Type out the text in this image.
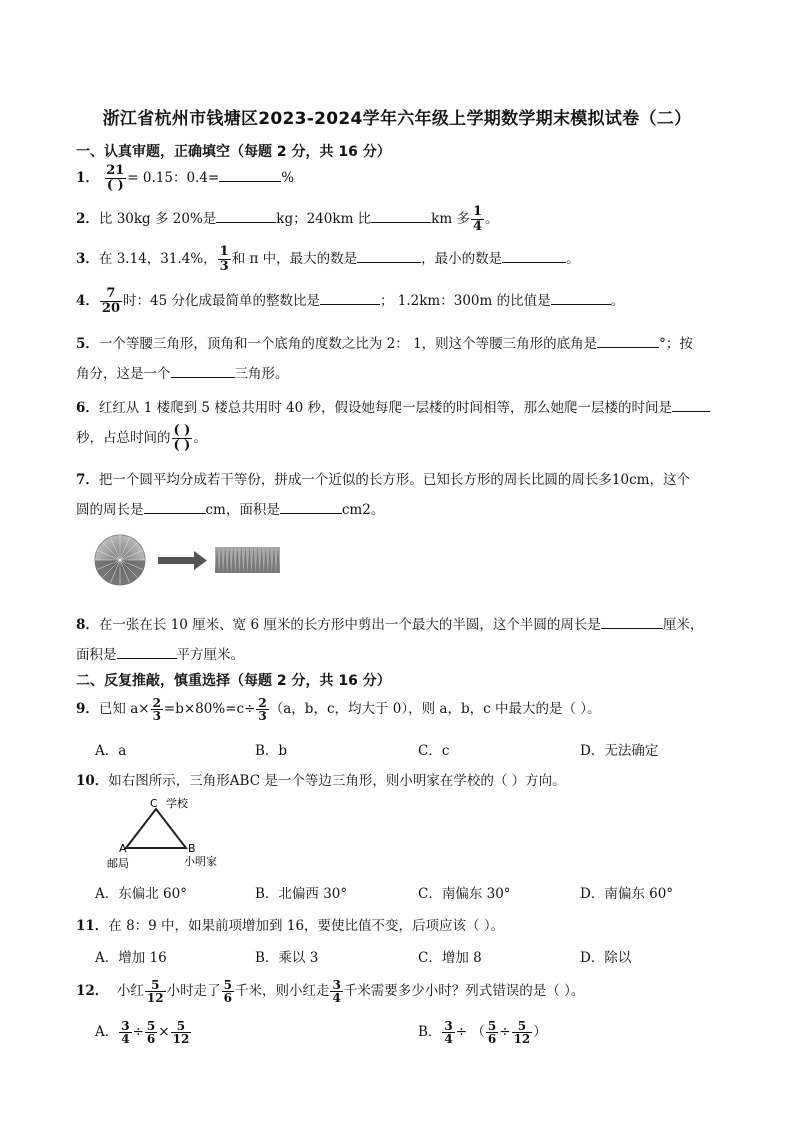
浙江省杭州市钱塘区2023-2024学年六年级上学期数学期末模拟试卷（二）
一、认真审题，正确填空（每题 2 分，共 16 分）
1． $\frac{21}{( )} = 0.15$：0.4=	%
2．比 30kg 多 20%是	kg；240km 比	km 多 $\frac{1}{4}$ 。
3．在 3.14，31.4%， $\frac{1}{3}$ 和 π 中，最大的数是	，最小的数是	。
4． $\frac{7}{20}$ 时：45 分化成最简单的整数比是	； 1.2km：300m 的比值是	。
5．一个等腰三角形，顶角和一个底角的度数之比为 2： 1，则这个等腰三角形的底角是	°；按
角分，这是一个	三角形。
6．红红从 1 楼爬到 5 楼总共用时 40 秒，假设她每爬一层楼的时间相等，那么她爬一层楼的时间是
秒，占总时间的 $\frac{( )}{( )}$ 。
7．把一个圆平均分成若干等份，拼成一个近似的长方形。已知长方形的周长比圆的周长多10cm，这个
圆的周长是	cm，面积是	cm2。
8．在一张在长 10 厘米、宽 6 厘米的长方形中剪出一个最大的半圆，这个半圆的周长是	厘米，
面积是	平方厘米。
二、反复推敲，慎重选择（每题 2 分，共 16 分）
9．已知 $a\times \frac{2}{3} =b\times 80\%=c\div \frac{2}{3} (a$，b，c，均大于 0），则 a，b，c 中最大的是（ ）。
A．a	B．b	C．c	D．无法确定
10．如右图所示，三角形ABC 是一个等边三角形，则小明家在学校的（ ）方向。
C 学校
A	B
邮局	小明家
A．东偏北 60°	B．北偏西 30°	C．南偏东 30°	D．南偏东 60°
11．在 8：9 中，如果前项增加到 16，要使比值不变，后项应该（ ）。
A．增加 16	B．乘以 3	C．增加 8	D．除以
12． 小红 $\frac{5}{12}$ 小时走了 $\frac{5}{6}$ 千米，则小红走 $\frac{3}{4}$ 千米需要多少小时？列式错误的是（ ）。
A． $\frac{3}{4} \div \frac{5}{6} \times \frac{5}{12}$	B． $\frac{3}{4}$ ÷ （ $\frac{5}{6} \div \frac{5}{12}$ ）
